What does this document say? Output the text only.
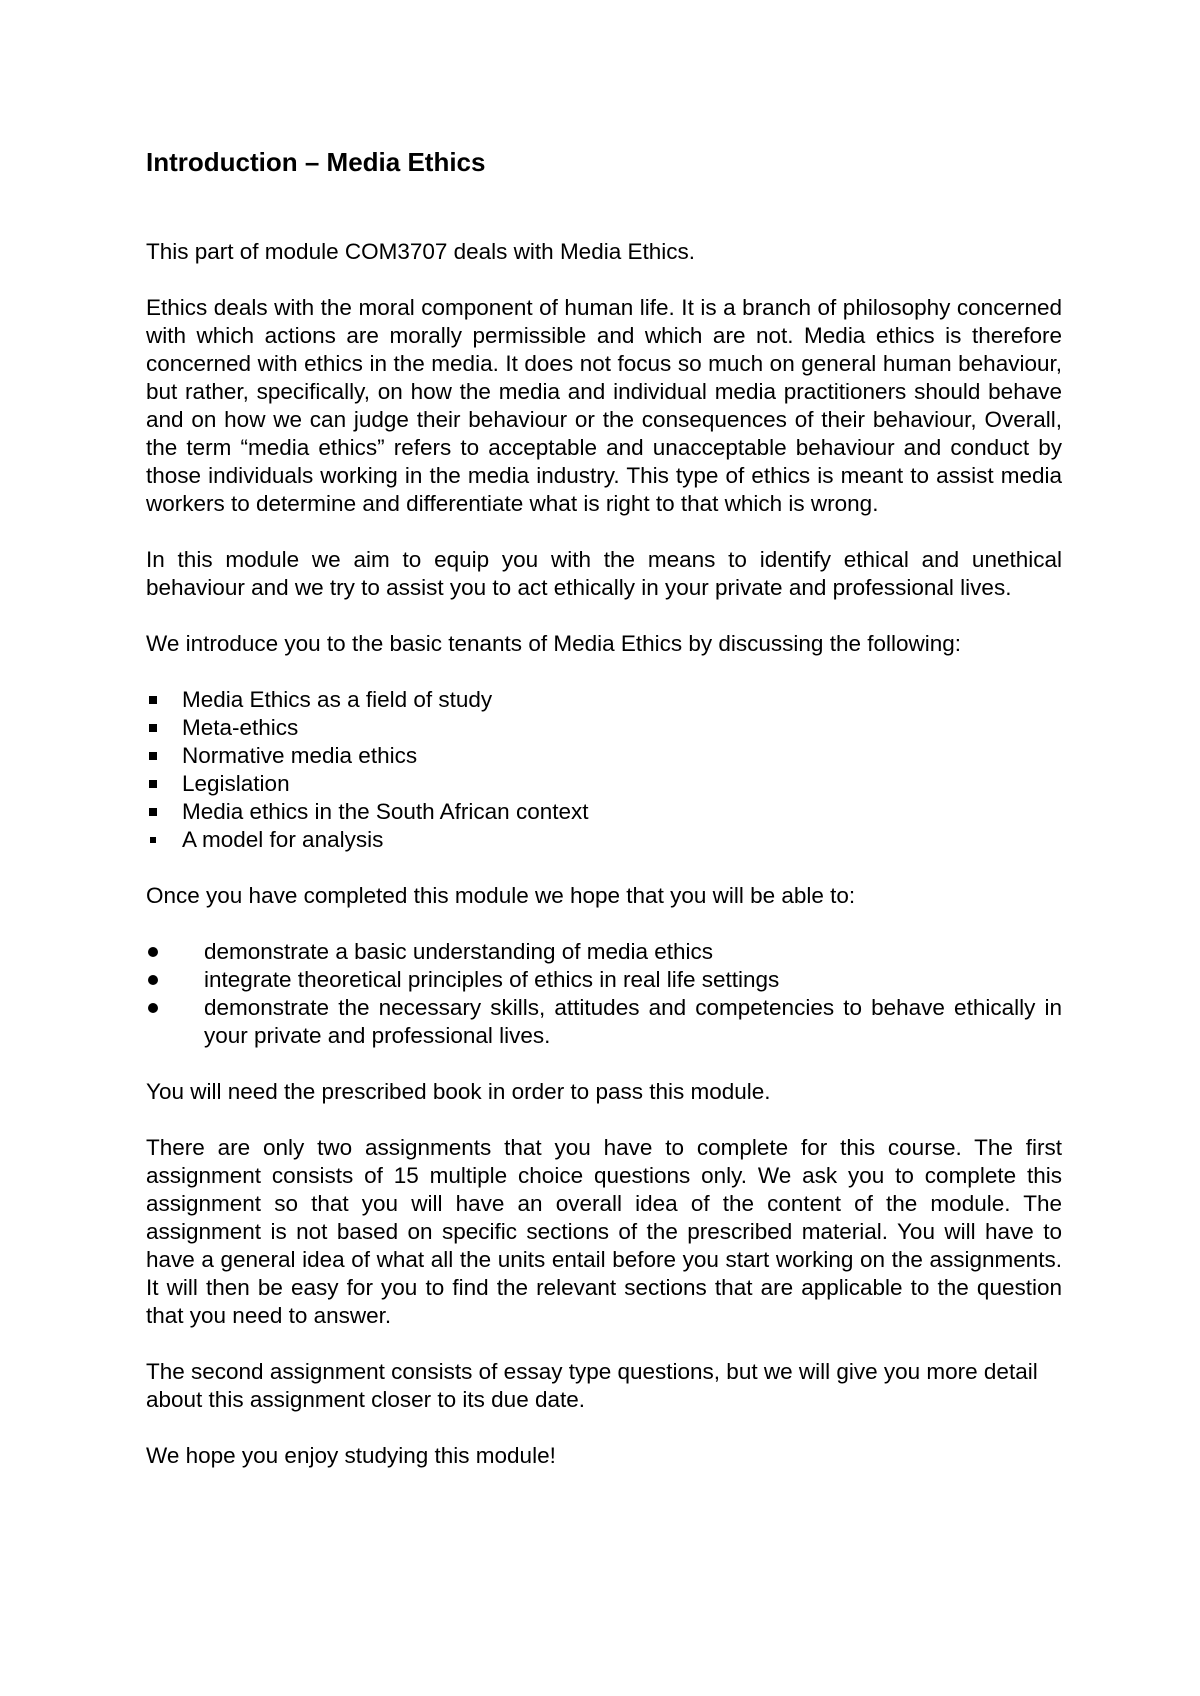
Introduction – Media Ethics

This part of module COM3707 deals with Media Ethics.

Ethics deals with the moral component of human life. It is a branch of philosophy concerned with which actions are morally permissible and which are not. Media ethics is therefore concerned with ethics in the media. It does not focus so much on general human behaviour, but rather, specifically, on how the media and individual media practitioners should behave and on how we can judge their behaviour or the consequences of their behaviour, Overall, the term “media ethics” refers to acceptable and unacceptable behaviour and conduct by those individuals working in the media industry. This type of ethics is meant to assist media workers to determine and differentiate what is right to that which is wrong.

In this module we aim to equip you with the means to identify ethical and unethical behaviour and we try to assist you to act ethically in your private and professional lives.

We introduce you to the basic tenants of Media Ethics by discussing the following:

Media Ethics as a field of study
Meta-ethics
Normative media ethics
Legislation
Media ethics in the South African context
A model for analysis

Once you have completed this module we hope that you will be able to:

demonstrate a basic understanding of media ethics
integrate theoretical principles of ethics in real life settings
demonstrate the necessary skills, attitudes and competencies to behave ethically in your private and professional lives.

You will need the prescribed book in order to pass this module.

There are only two assignments that you have to complete for this course. The first assignment consists of 15 multiple choice questions only. We ask you to complete this assignment so that you will have an overall idea of the content of the module. The assignment is not based on specific sections of the prescribed material. You will have to have a general idea of what all the units entail before you start working on the assignments. It will then be easy for you to find the relevant sections that are applicable to the question that you need to answer.

The second assignment consists of essay type questions, but we will give you more detail about this assignment closer to its due date.

We hope you enjoy studying this module!
